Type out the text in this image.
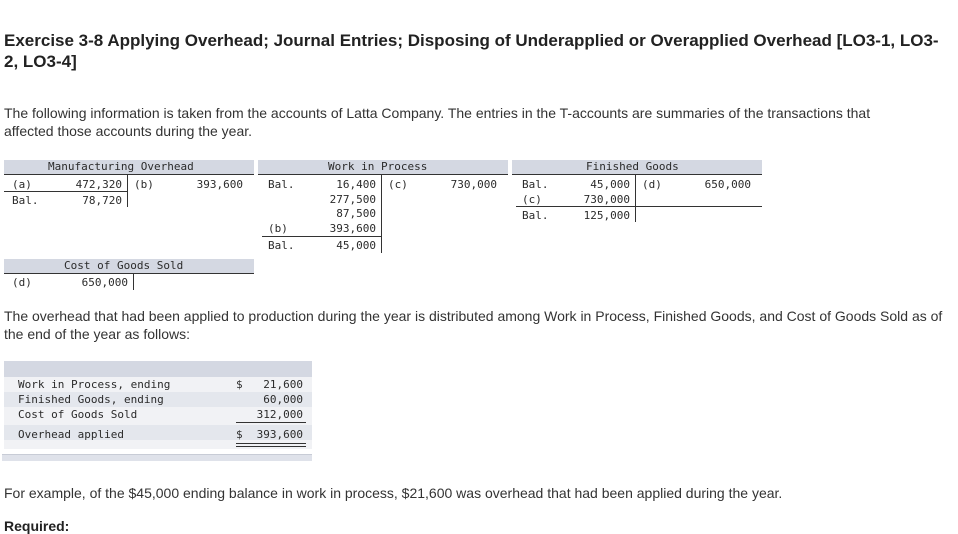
Exercise 3-8 Applying Overhead; Journal Entries; Disposing of Underapplied or Overapplied Overhead [LO3-1, LO3-2, LO3-4]
The following information is taken from the accounts of Latta Company. The entries in the T-accounts are summaries of the transactions that affected those accounts during the year.
Manufacturing Overhead
(a)	472,320 (b)	393,600
Bal.	78,720
Work in Process
Bal.	16,400 (c)	730,000
277,500
87,500
(b)	393,600
Bal.	45,000
Finished Goods
Bal.	45,000 (d)	650,000
(c)	730,000
Bal.	125,000
Cost of Goods Sold
(d)	650,000
The overhead that had been applied to production during the year is distributed among Work in Process, Finished Goods, and Cost of Goods Sold as of the end of the year as follows:
Work in Process, ending	$	21,600
Finished Goods, ending	60,000
Cost of Goods Sold	312,000
Overhead applied	$	393,600
For example, of the $45,000 ending balance in work in process, $21,600 was overhead that had been applied during the year.
Required:
